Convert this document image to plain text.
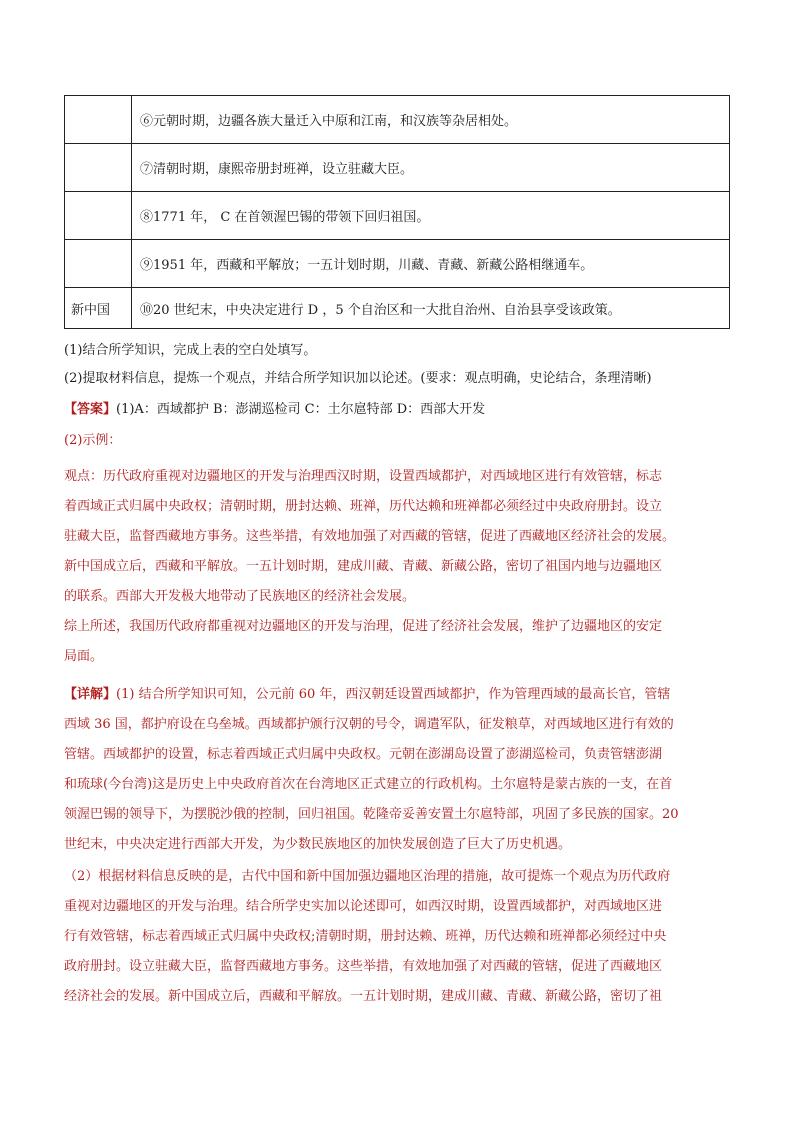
	⑥元朝时期，边疆各族大量迁入中原和江南，和汉族等杂居相处。
	⑦清朝时期，康熙帝册封班禅，设立驻藏大臣。
	⑧1771 年， C 在首领渥巴锡的带领下回归祖国。
	⑨1951 年，西藏和平解放；一五计划时期，川藏、青藏、新藏公路相继通车。
新中国	⑩20 世纪末，中央决定进行 D ，5 个自治区和一大批自治州、自治县享受该政策。

(1)结合所学知识，完成上表的空白处填写。

(2)提取材料信息，提炼一个观点，并结合所学知识加以论述。(要求：观点明确，史论结合，条理清晰)

【答案】(1)A：西域都护 B：澎湖巡检司 C：土尔扈特部 D：西部大开发

(2)示例：

观点：历代政府重视对边疆地区的开发与治理西汉时期，设置西域都护，对西域地区进行有效管辖，标志
着西域正式归属中央政权；清朝时期，册封达赖、班禅，历代达赖和班禅都必须经过中央政府册封。设立
驻藏大臣，监督西藏地方事务。这些举措，有效地加强了对西藏的管辖，促进了西藏地区经济社会的发展。
新中国成立后，西藏和平解放。一五计划时期，建成川藏、青藏、新藏公路，密切了祖国内地与边疆地区
的联系。西部大开发极大地带动了民族地区的经济社会发展。
综上所述，我国历代政府都重视对边疆地区的开发与治理，促进了经济社会发展，维护了边疆地区的安定
局面。
【详解】(1) 结合所学知识可知，公元前 60 年，西汉朝廷设置西域都护，作为管理西域的最高长官，管辖
西域 36 国，都护府设在乌垒城。西域都护颁行汉朝的号令，调遣军队，征发粮草，对西域地区进行有效的
管辖。西域都护的设置，标志着西域正式归属中央政权。元朝在澎湖岛设置了澎湖巡检司，负责管辖澎湖
和琉球(今台湾)这是历史上中央政府首次在台湾地区正式建立的行政机构。土尔扈特是蒙古族的一支，在首
领渥巴锡的领导下，为摆脱沙俄的控制，回归祖国。乾隆帝妥善安置土尔扈特部，巩固了多民族的国家。20
世纪末，中央决定进行西部大开发，为少数民族地区的加快发展创造了巨大了历史机遇。
（2）根据材料信息反映的是，古代中国和新中国加强边疆地区治理的措施，故可提炼一个观点为历代政府
重视对边疆地区的开发与治理。结合所学史实加以论述即可，如西汉时期，设置西域都护，对西域地区进
行有效管辖，标志着西域正式归属中央政权;清朝时期，册封达赖、班禅，历代达赖和班禅都必须经过中央
政府册封。设立驻藏大臣，监督西藏地方事务。这些举措，有效地加强了对西藏的管辖，促进了西藏地区
经济社会的发展。新中国成立后，西藏和平解放。一五计划时期，建成川藏、青藏、新藏公路，密切了祖
